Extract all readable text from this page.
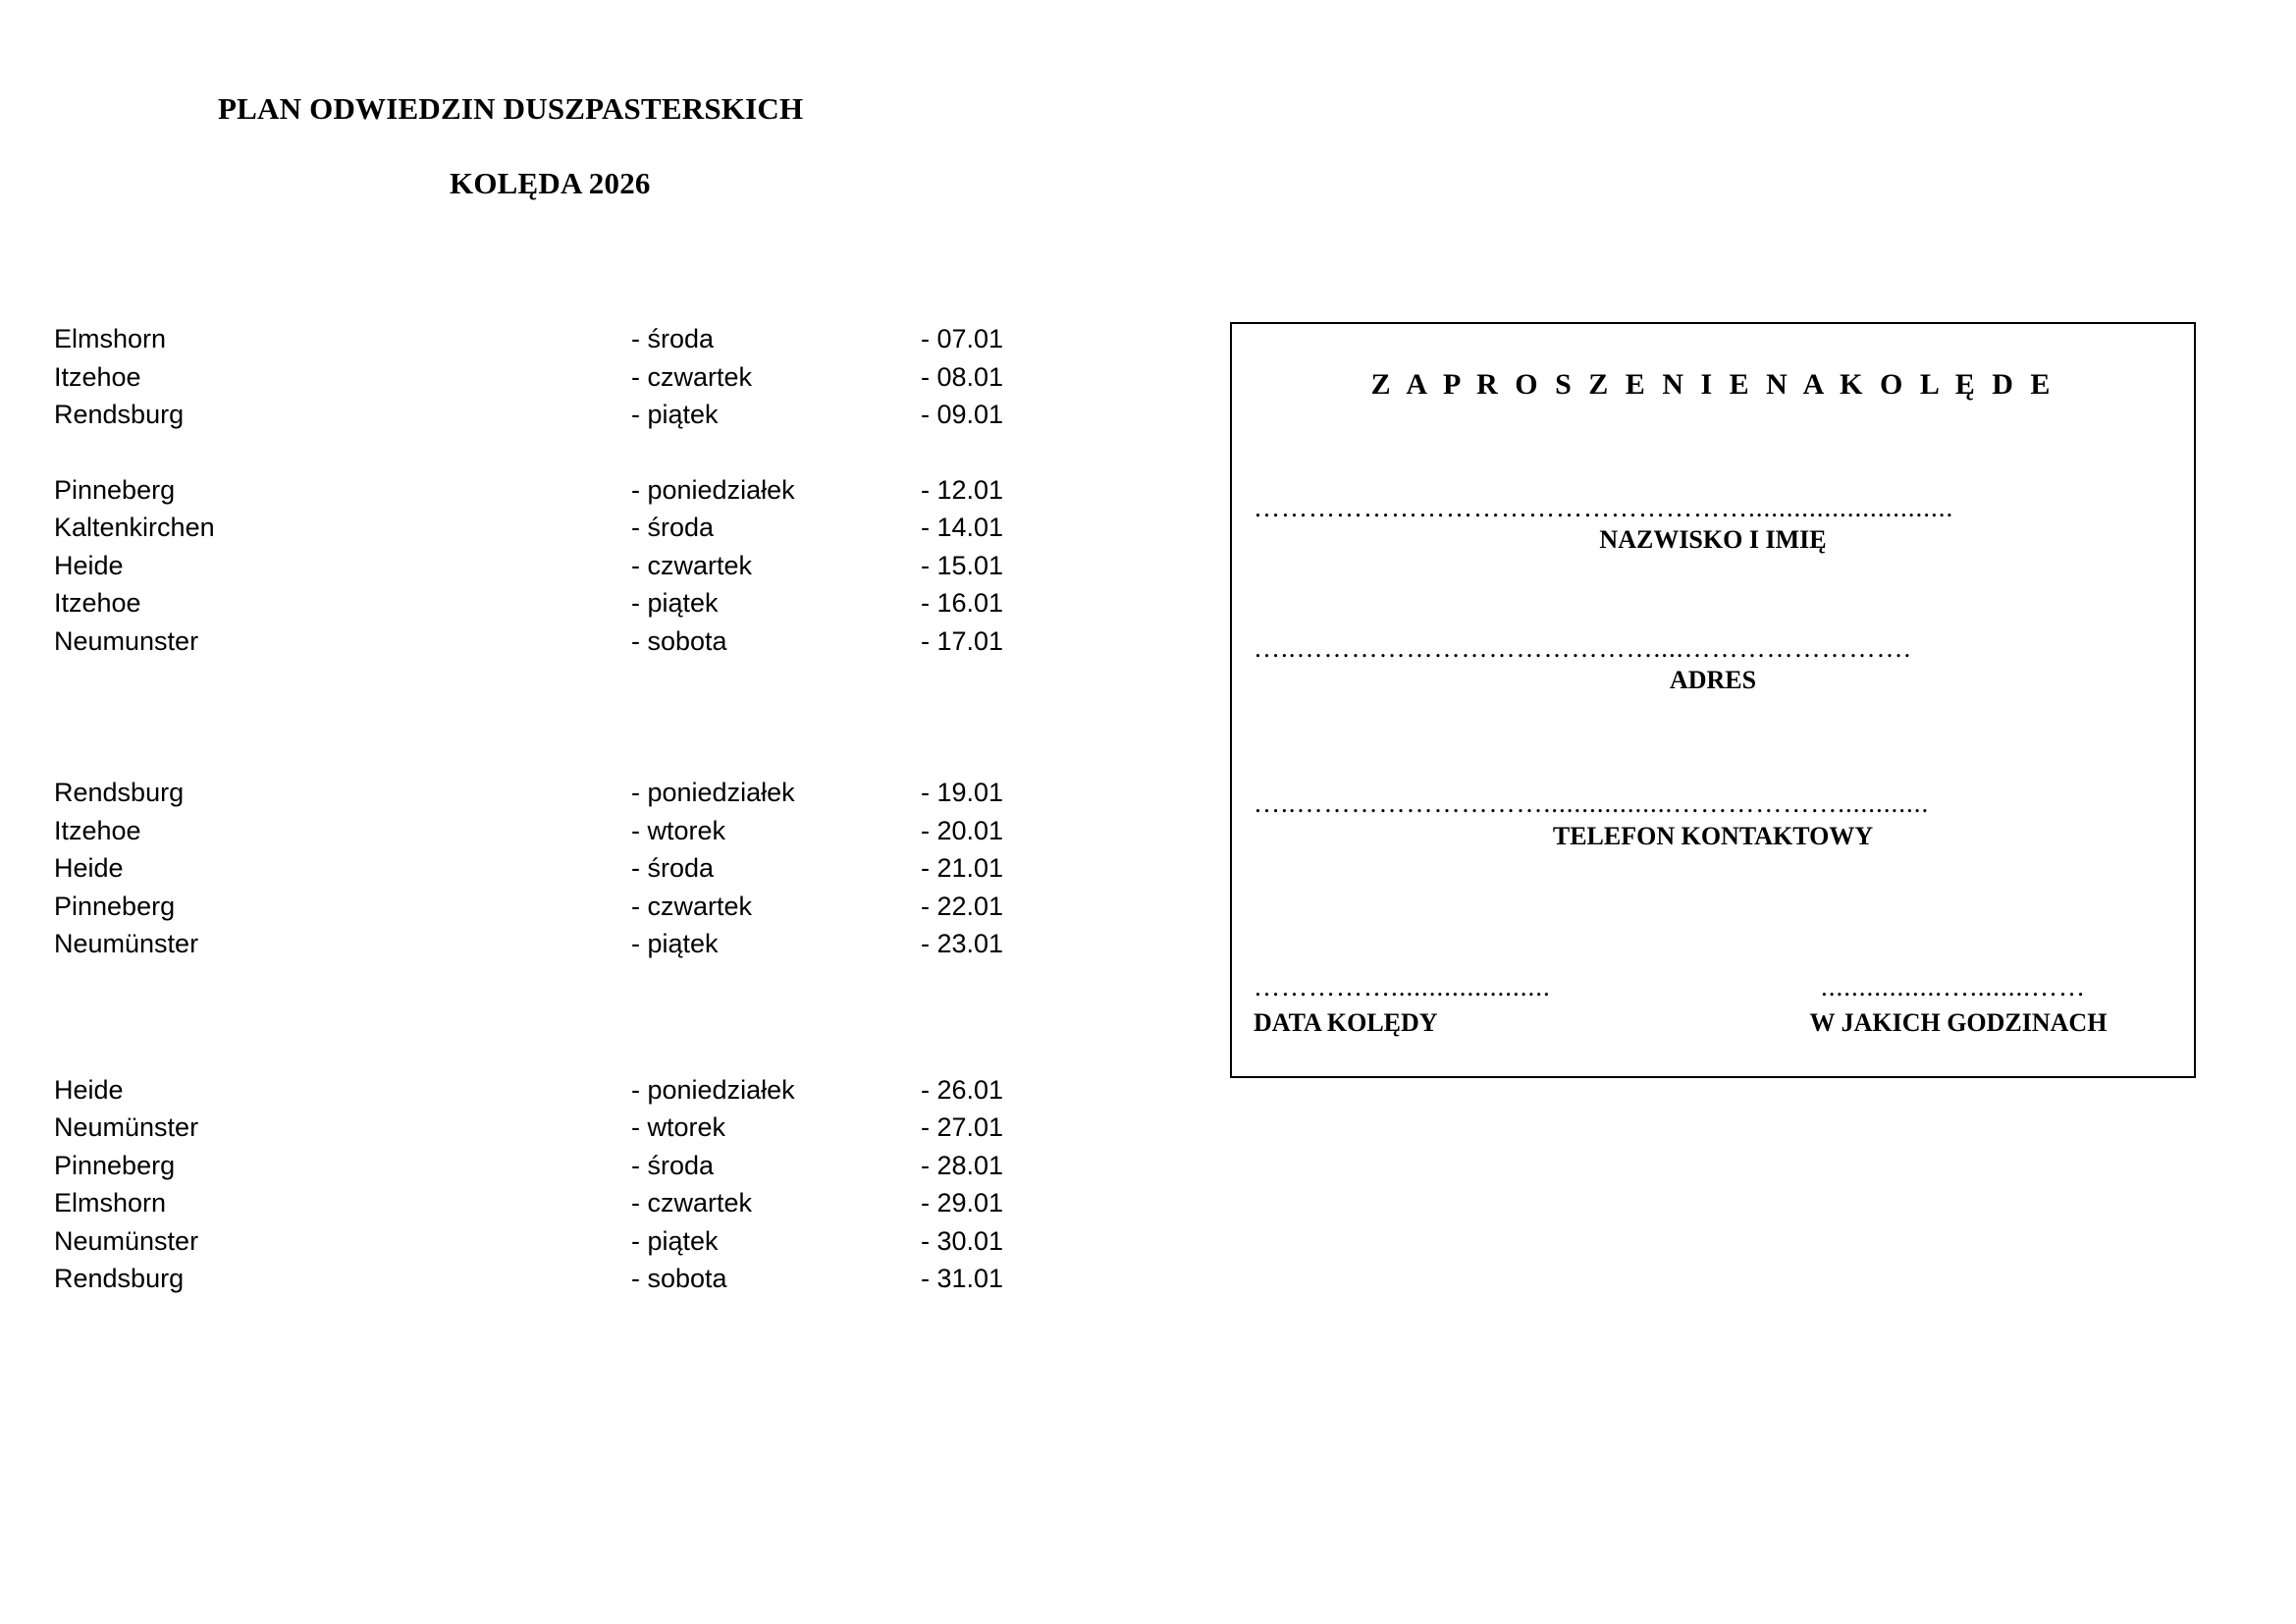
PLAN ODWIEDZIN DUSZPASTERSKICH
KOLĘDA 2026
Elmshorn	- środa	- 07.01
Itzehoe	- czwartek	- 08.01
Rendsburg	- piątek	- 09.01
Pinneberg	- poniedziałek	- 12.01
Kaltenkirchen	- środa	- 14.01
Heide	- czwartek	- 15.01
Itzehoe	- piątek	- 16.01
Neumunster	- sobota	- 17.01
Rendsburg	- poniedziałek	- 19.01
Itzehoe	- wtorek	- 20.01
Heide	- środa	- 21.01
Pinneberg	- czwartek	- 22.01
Neumünster	- piątek	- 23.01
Heide	- poniedziałek	- 26.01
Neumünster	- wtorek	- 27.01
Pinneberg	- środa	- 28.01
Elmshorn	- czwartek	- 29.01
Neumünster	- piątek	- 30.01
Rendsburg	- sobota	- 31.01
Z A P R O S Z E N I E N A K O L Ę D E
………………………………………………...........................
NAZWISKO I IMIĘ
…..…………………………………....…………………….
ADRES
…..……………………….................………………............
TELEFON KONTAKTOWY
…………….....................
DATA KOLĘDY
................…........……
W JAKICH GODZINACH
